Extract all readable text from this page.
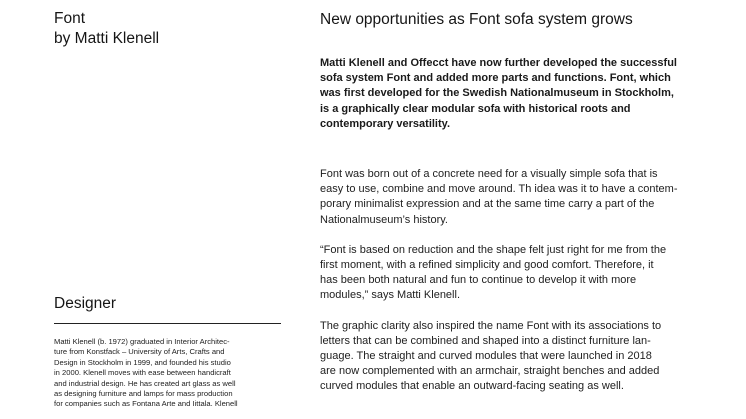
Font
by Matti Klenell
New opportunities as Font sofa system grows
Matti Klenell and Offecct have now further developed the successful
sofa system Font and added more parts and functions. Font, which
was first developed for the Swedish Nationalmuseum in Stockholm,
is a graphically clear modular sofa with historical roots and
contemporary versatility.

Font was born out of a concrete need for a visually simple sofa that is
easy to use, combine and move around. Th idea was it to have a contem-
porary minimalist expression and at the same time carry a part of the
Nationalmuseum’s history.

“Font is based on reduction and the shape felt just right for me from the
first moment, with a refined simplicity and good comfort. Therefore, it
has been both natural and fun to continue to develop it with more
modules,” says Matti Klenell.

The graphic clarity also inspired the name Font with its associations to
letters that can be combined and shaped into a distinct furniture lan-
guage. The straight and curved modules that were launched in 2018
are now complemented with an armchair, straight benches and added
curved modules that enable an outward-facing seating as well.

Designer
Matti Klenell (b. 1972) graduated in Interior Architec-
ture from Konstfack – University of Arts, Crafts and
Design in Stockholm in 1999, and founded his studio
in 2000. Klenell moves with ease between handicraft
and industrial design. He has created art glass as well
as designing furniture and lamps for mass production
for companies such as Fontana Arte and Iittala. Klenell
